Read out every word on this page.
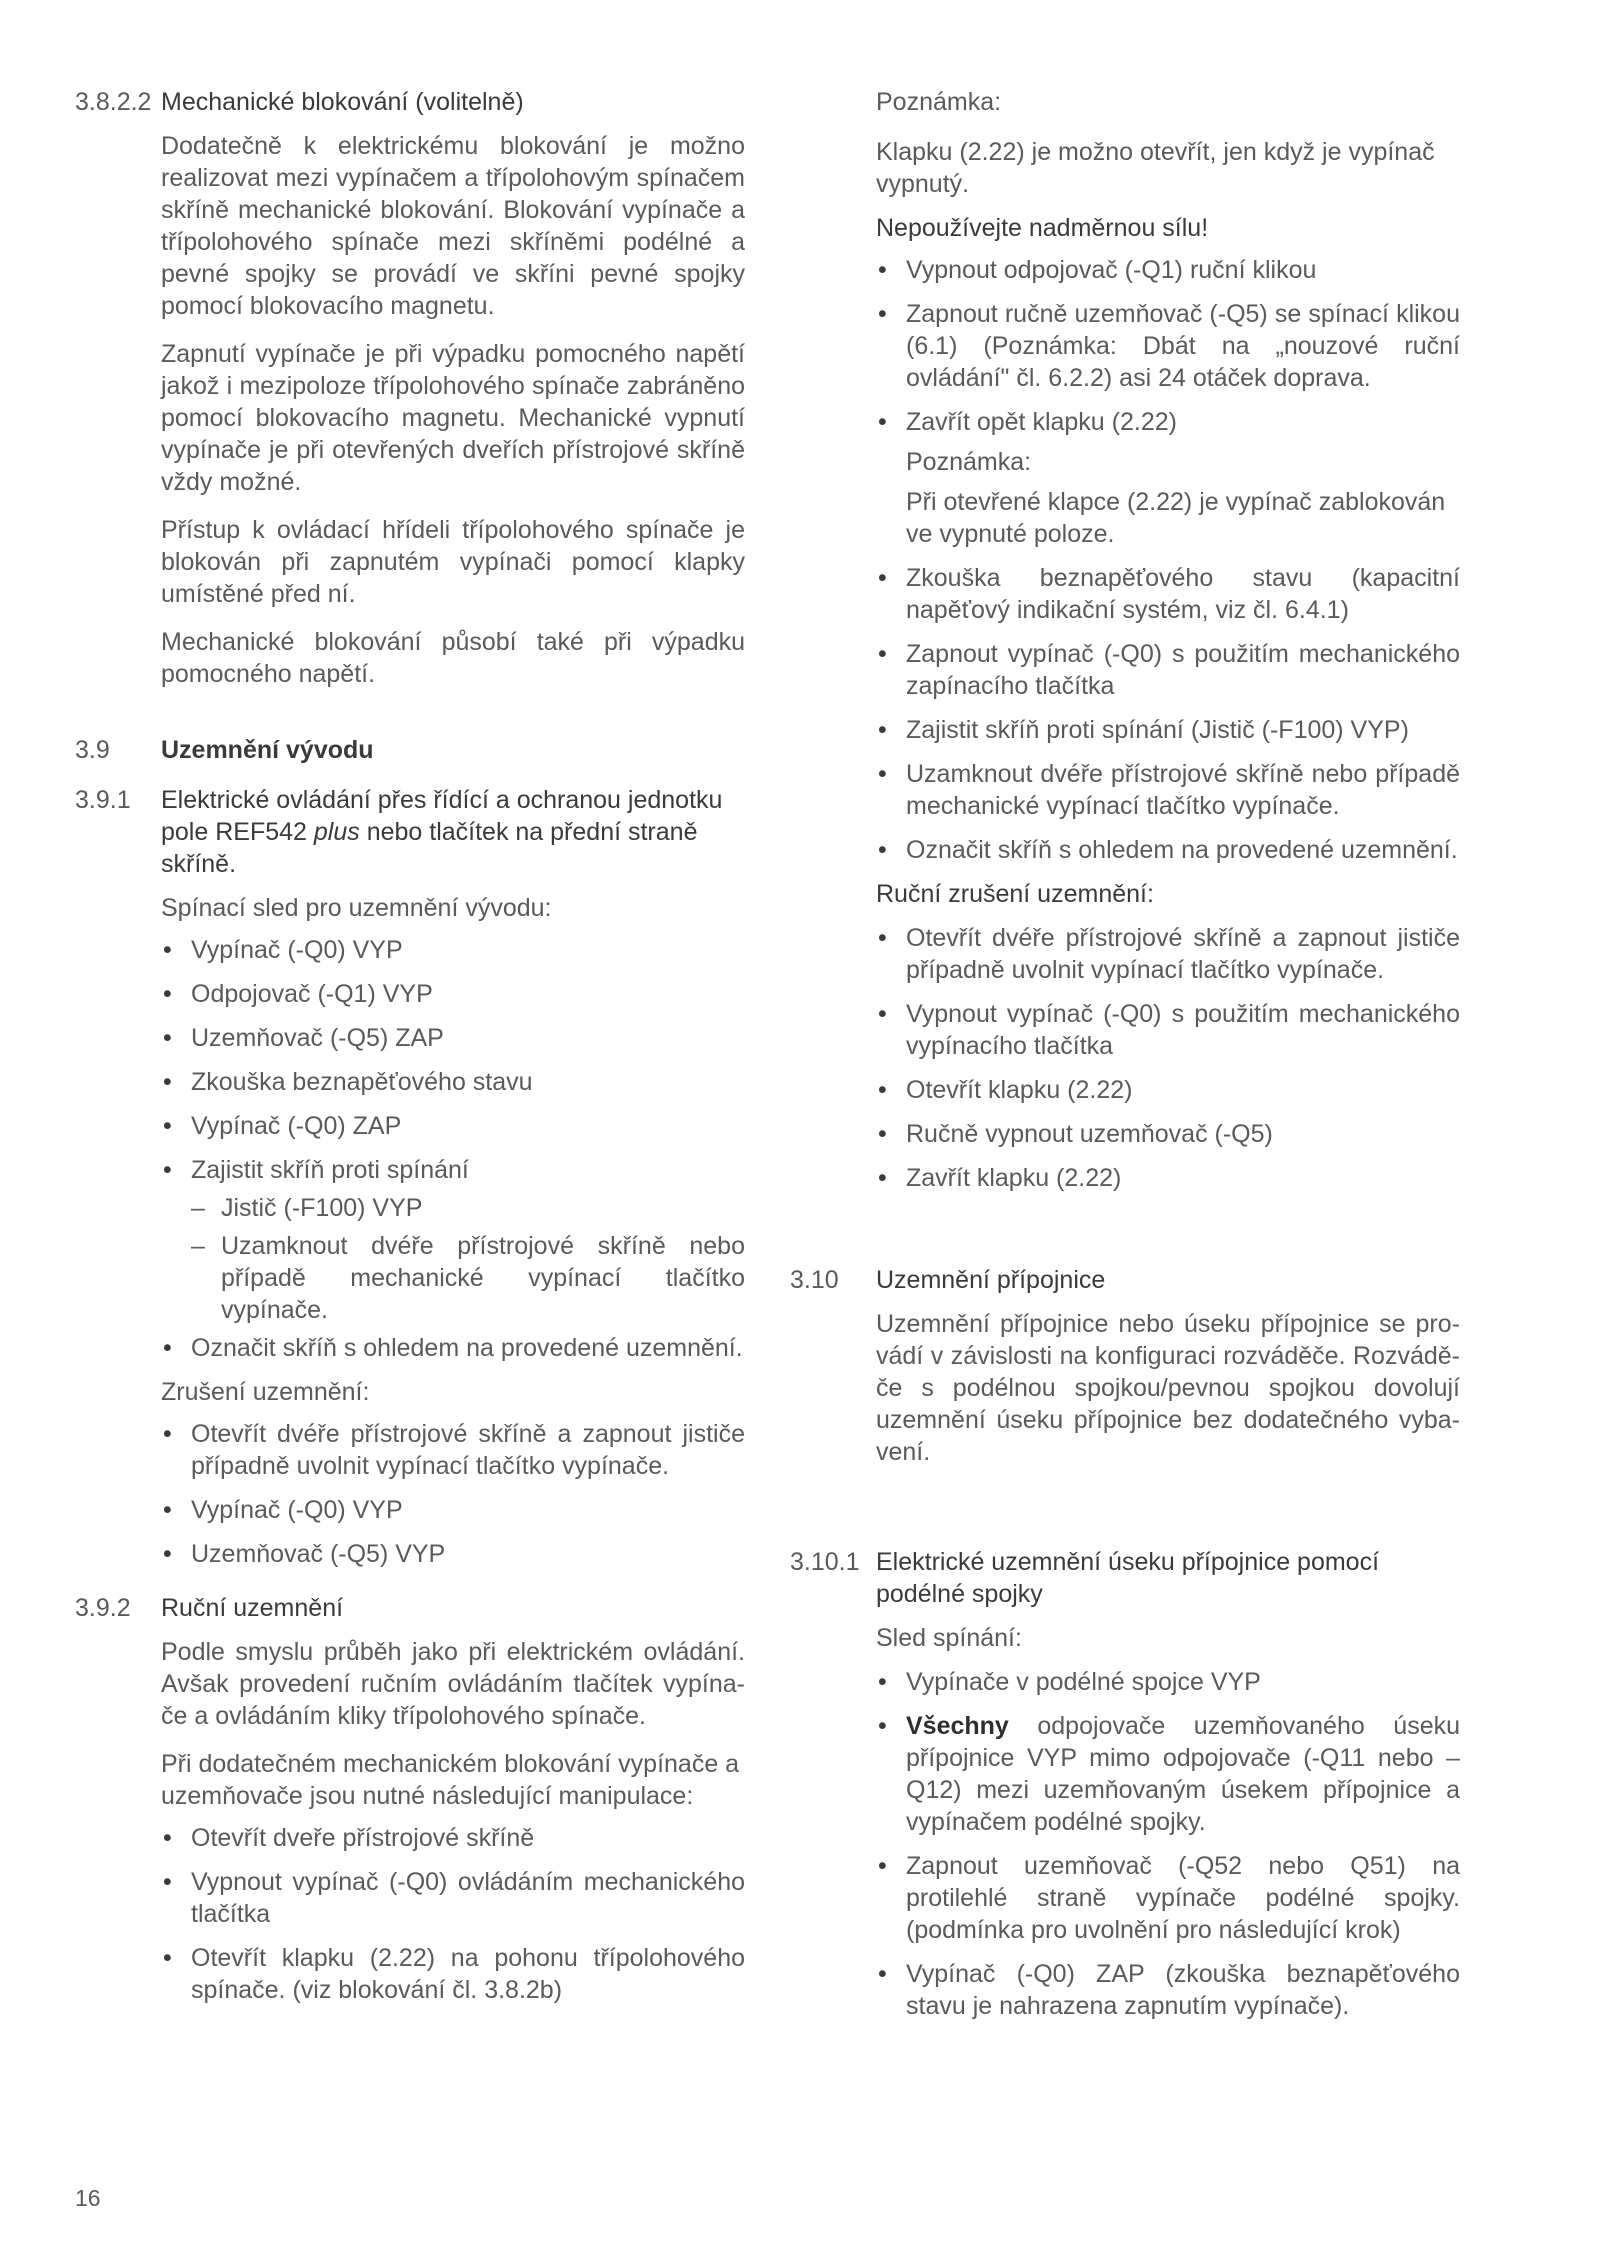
3.8.2.2 Mechanické blokování (volitelně)

Dodatečně k elektrickému blokování je možno realizovat mezi vypínačem a třípolohovým spínačem skříně mechanické blokování. Blokování vypínače a třípolohového spínače mezi skříněmi podélné a pevné spojky se provádí ve skříni pevné spojky pomocí blokovacího magnetu.

Zapnutí vypínače je při výpadku pomocného napětí jakož i mezipoloze třípolohového spínače zabráněno pomocí blokovacího magnetu. Mechanické vypnutí vypínače je při otevřených dveřích přístrojové skříně vždy možné.

Přístup k ovládací hřídeli třípolohového spínače je blokován při zapnutém vypínači pomocí klapky umístěné před ní.

Mechanické blokování působí také při výpadku pomocného napětí.

3.9	Uzemnění vývodu
3.9.1	Elektrické ovládání přes řídící a ochranou jednotku pole REF542 plus nebo tlačítek na přední straně skříně.

Spínací sled pro uzemnění vývodu:

• Vypínač (-Q0) VYP
• Odpojovač (-Q1) VYP
• Uzemňovač (-Q5) ZAP
• Zkouška beznapěťového stavu
• Vypínač (-Q0) ZAP
• Zajistit skříň proti spínání
– Jistič (-F100) VYP
– Uzamknout dvéře přístrojové skříně nebo případě mechanické vypínací tlačítko vypínače.
• Označit skříň s ohledem na provedené uzemnění.

Zrušení uzemnění:

• Otevřít dvéře přístrojové skříně a zapnout jističe případně uvolnit vypínací tlačítko vypínače.
• Vypínač (-Q0) VYP
• Uzemňovač (-Q5) VYP
3.9.2	Ruční uzemnění

Podle smyslu průběh jako při elektrickém ovládání. Avšak provedení ručním ovládáním tlačítek vypína- če a ovládáním kliky třípolohového spínače.

Při dodatečném mechanickém blokování vypínače a uzemňovače jsou nutné následující manipulace:

• Otevřít dveře přístrojové skříně
• Vypnout vypínač (-Q0) ovládáním mechanického tlačítka
• Otevřít klapku (2.22) na pohonu třípolohového spínače. (viz blokování čl. 3.8.2b)

Poznámka:

Klapku (2.22) je možno otevřít, jen když je vypínač vypnutý.

Nepoužívejte nadměrnou sílu!

• Vypnout odpojovač (-Q1) ruční klikou
• Zapnout ručně uzemňovač (-Q5) se spínací klikou (6.1) (Poznámka: Dbát na „nouzové ruční ovládání" čl. 6.2.2) asi 24 otáček doprava.
• Zavřít opět klapku (2.22)
Poznámka:
Při otevřené klapce (2.22) je vypínač zablokován ve vypnuté poloze.
• Zkouška beznapěťového stavu (kapacitní napěťový indikační systém, viz čl. 6.4.1)
• Zapnout vypínač (-Q0) s použitím mechanického zapínacího tlačítka
• Zajistit skříň proti spínání (Jistič (-F100) VYP)
• Uzamknout dvéře přístrojové skříně nebo případě mechanické vypínací tlačítko vypínače.
• Označit skříň s ohledem na provedené uzemnění.

Ruční zrušení uzemnění:

• Otevřít dvéře přístrojové skříně a zapnout jističe případně uvolnit vypínací tlačítko vypínače.
• Vypnout vypínač (-Q0) s použitím mechanického vypínacího tlačítka
• Otevřít klapku (2.22)
• Ručně vypnout uzemňovač (-Q5)
• Zavřít klapku (2.22)
3.10	Uzemnění přípojnice

Uzemnění přípojnice nebo úseku přípojnice se pro- vádí v závislosti na konfiguraci rozváděče. Rozvádě- če s podélnou spojkou/pevnou spojkou dovolují uzemnění úseku přípojnice bez dodatečného vyba- vení.

3.10.1 Elektrické uzemnění úseku přípojnice pomocí podélné spojky

Sled spínání:

• Vypínače v podélné spojce VYP
• Všechny odpojovače uzemňovaného úseku přípojnice VYP mimo odpojovače (-Q11 nebo – Q12) mezi uzemňovaným úsekem přípojnice a vypínačem podélné spojky.
• Zapnout uzemňovač (-Q52 nebo Q51) na protilehlé straně vypínače podélné spojky. (podmínka pro uvolnění pro následující krok)
• Vypínač (-Q0) ZAP (zkouška beznapěťového stavu je nahrazena zapnutím vypínače).
16
